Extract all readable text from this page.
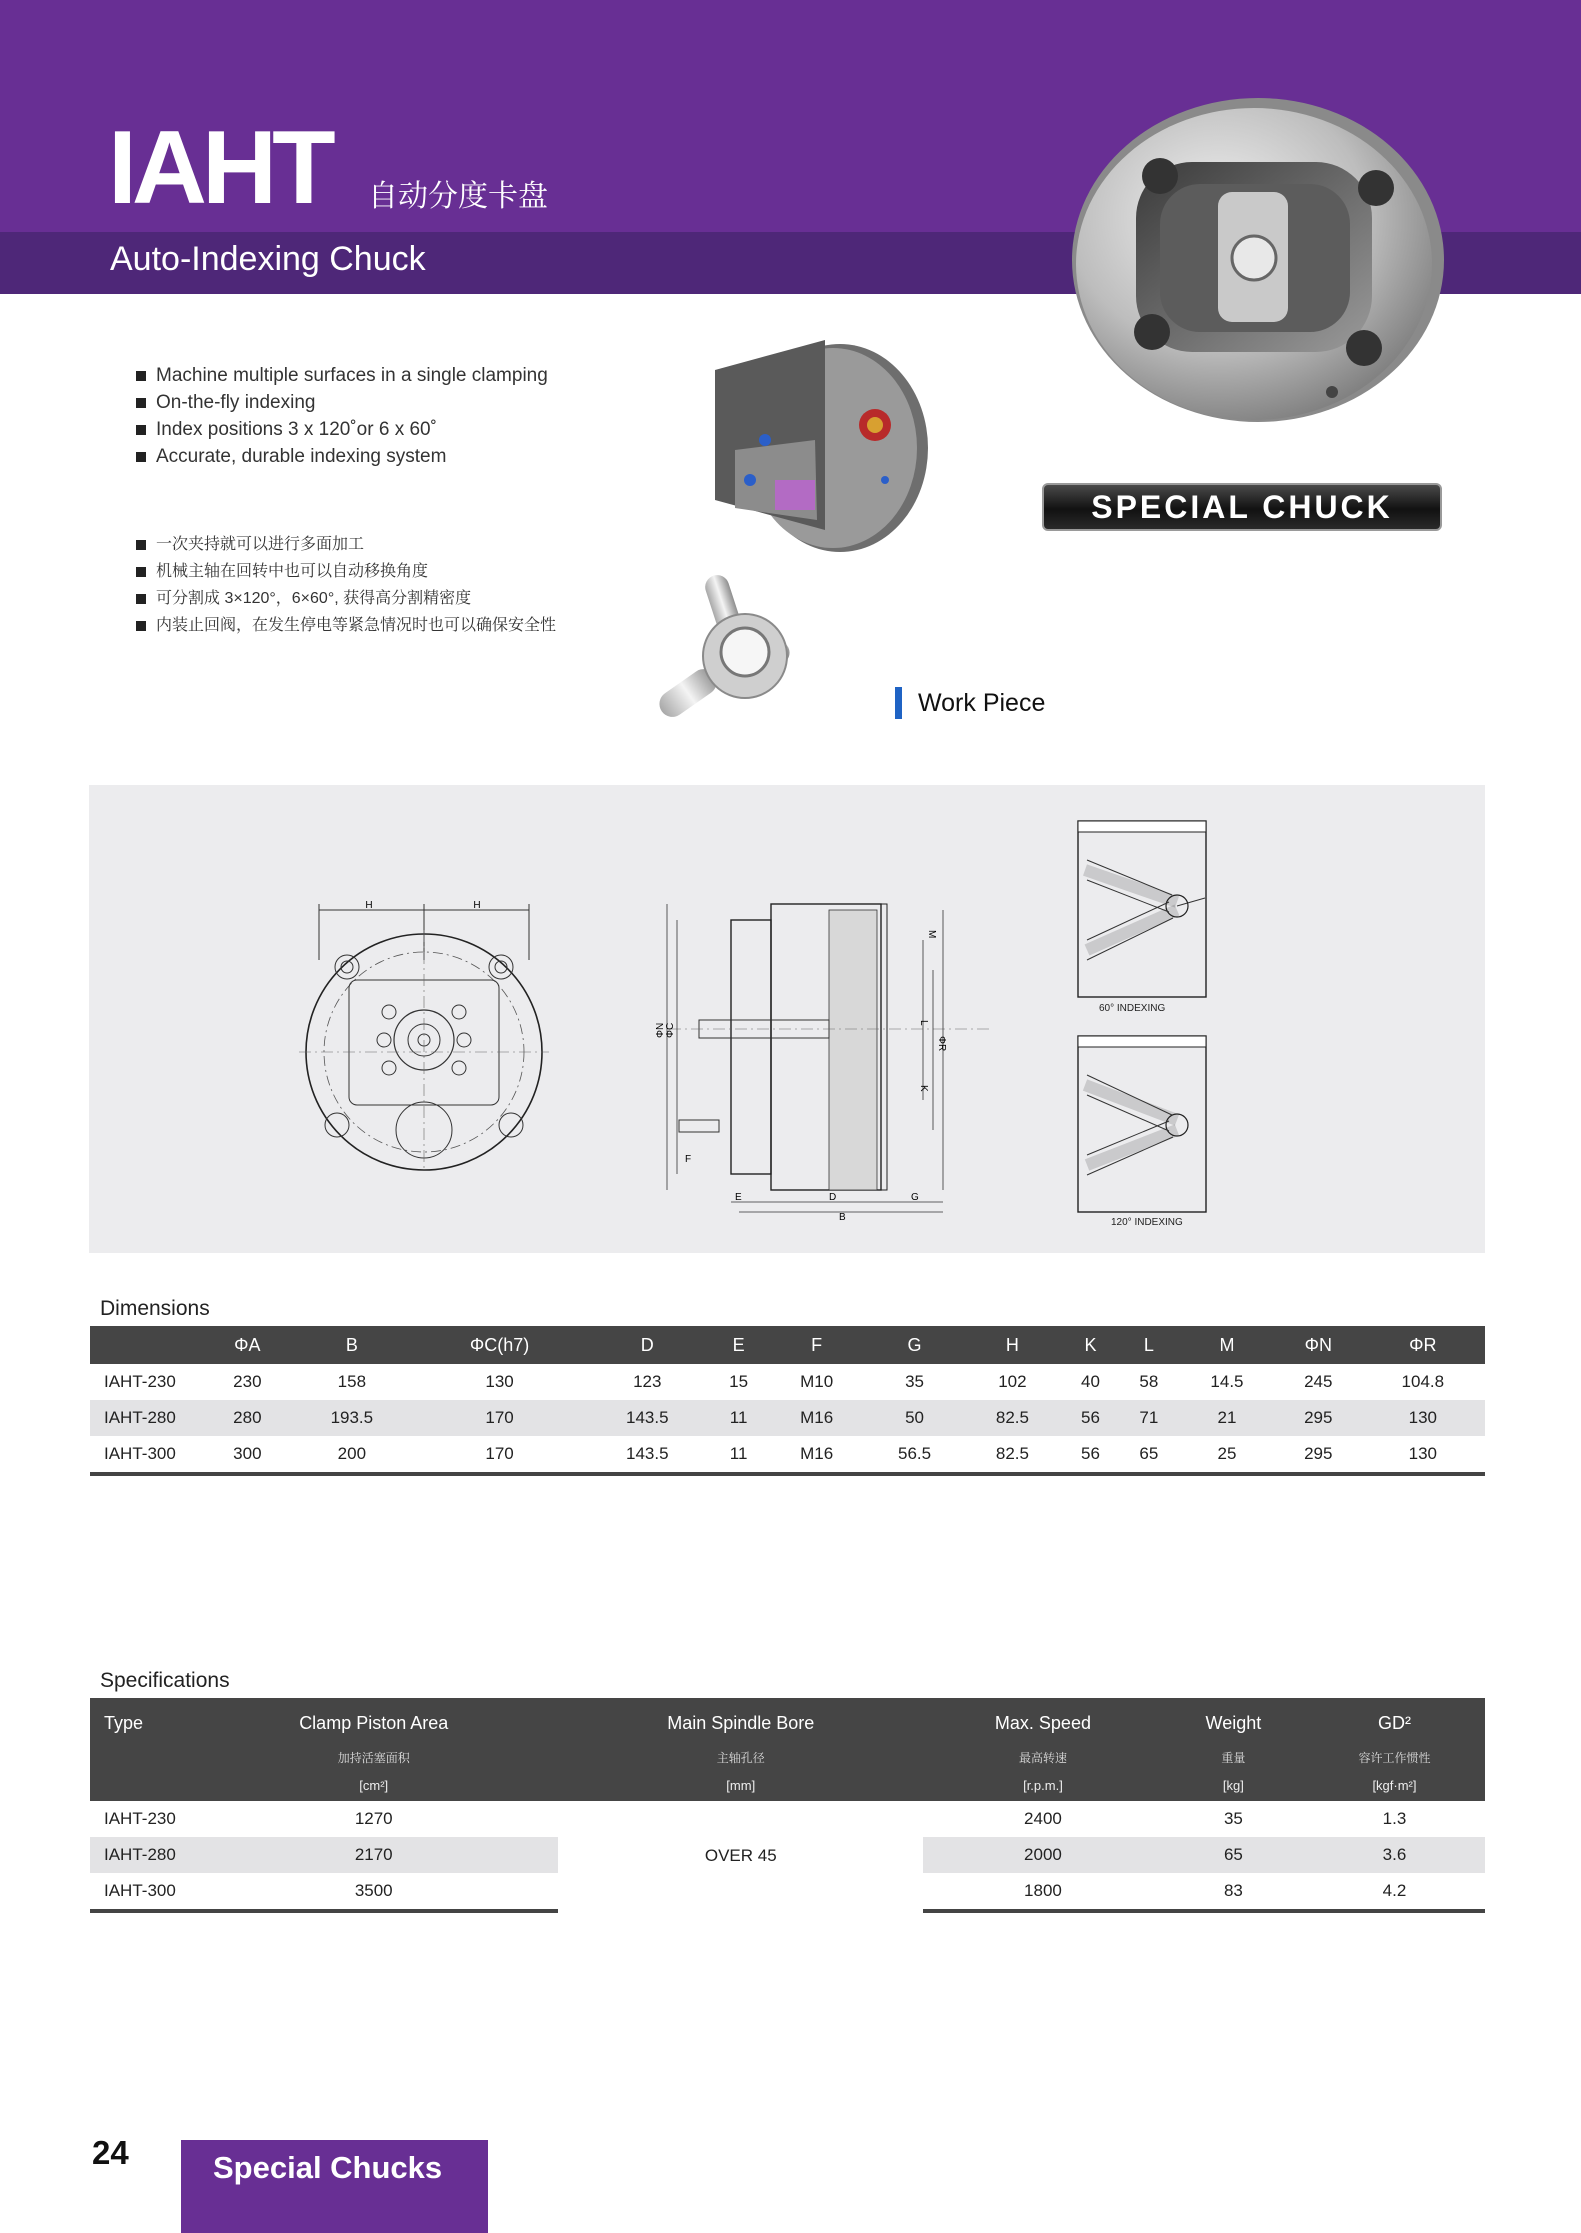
IAHT 自动分度卡盘
Auto-Indexing Chuck
Machine multiple surfaces in a single clamping
On-the-fly indexing
Index positions 3 x 120˚or 6 x 60˚
Accurate, durable indexing system
一次夹持就可以进行多面加工
机械主轴在回转中也可以自动移换角度
可分割成 3×120°，6×60°, 获得高分割精密度
内装止回阀，在发生停电等紧急情况时也可以确保安全性
SPECIAL CHUCK
Work Piece
H	H
ΦN ΦC
M
L
K
ΦR
F
E	D	G
B
60° INDEXING
120° INDEXING
Dimensions
	ΦA	B	ΦC(h7)	D	E	F	G	H	K	L	M	ΦN	ΦR
IAHT-230	230	158	130	123	15	M10	35	102	40	58	14.5	245	104.8
IAHT-280	280	193.5	170	143.5	11	M16	50	82.5	56	71	21	295	130
IAHT-300	300	200	170	143.5	11	M16	56.5	82.5	56	65	25	295	130
Specifications
Type	Clamp Piston Area	Main Spindle Bore	Max. Speed	Weight	GD²
	加持活塞面积	主轴孔径	最高转速	重量	容许工作惯性
	[cm²]	[mm]	[r.p.m.]	[kg]	[kgf·m²]
IAHT-230	1270	OVER 45	2400	35	1.3
IAHT-280	2170		2000	65	3.6
IAHT-300	3500		1800	83	4.2
24	Special Chucks
